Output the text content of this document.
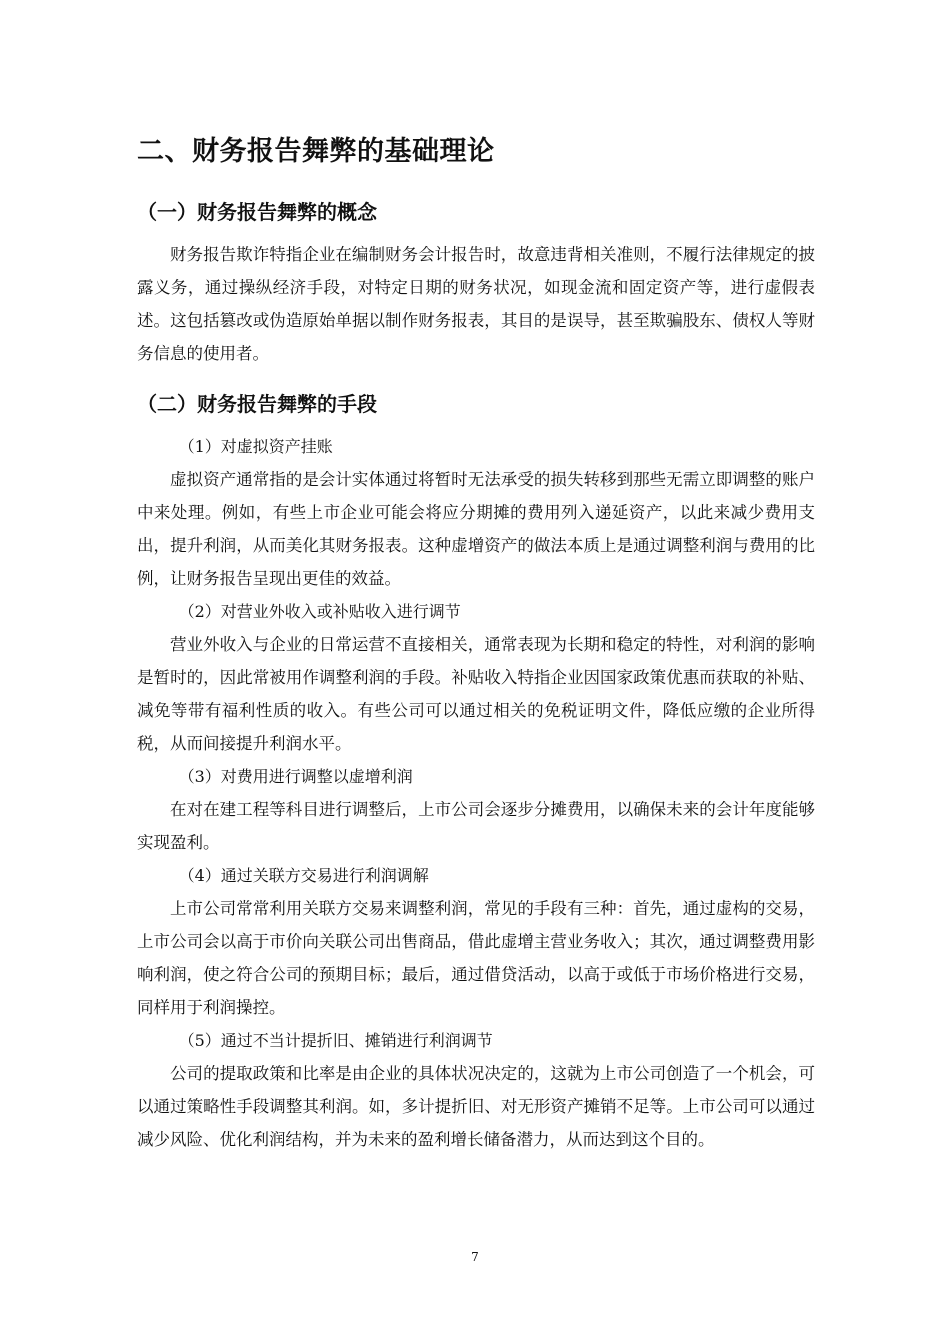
二、财务报告舞弊的基础理论
（一）财务报告舞弊的概念

财务报告欺诈特指企业在编制财务会计报告时，故意违背相关准则，不履行法律规定的披露义务，通过操纵经济手段，对特定日期的财务状况，如现金流和固定资产等，进行虚假表述。这包括篡改或伪造原始单据以制作财务报表，其目的是误导，甚至欺骗股东、债权人等财务信息的使用者。

（二）财务报告舞弊的手段

（1）对虚拟资产挂账

虚拟资产通常指的是会计实体通过将暂时无法承受的损失转移到那些无需立即调整的账户中来处理。例如，有些上市企业可能会将应分期摊的费用列入递延资产，以此来减少费用支出，提升利润，从而美化其财务报表。这种虚增资产的做法本质上是通过调整利润与费用的比例，让财务报告呈现出更佳的效益。

（2）对营业外收入或补贴收入进行调节

营业外收入与企业的日常运营不直接相关，通常表现为长期和稳定的特性，对利润的影响是暂时的，因此常被用作调整利润的手段。补贴收入特指企业因国家政策优惠而获取的补贴、减免等带有福利性质的收入。有些公司可以通过相关的免税证明文件，降低应缴的企业所得税，从而间接提升利润水平。

（3）对费用进行调整以虚增利润

在对在建工程等科目进行调整后，上市公司会逐步分摊费用，以确保未来的会计年度能够实现盈利。

（4）通过关联方交易进行利润调解

上市公司常常利用关联方交易来调整利润，常见的手段有三种：首先，通过虚构的交易，上市公司会以高于市价向关联公司出售商品，借此虚增主营业务收入；其次，通过调整费用影响利润，使之符合公司的预期目标；最后，通过借贷活动，以高于或低于市场价格进行交易，同样用于利润操控。

（5）通过不当计提折旧、摊销进行利润调节

公司的提取政策和比率是由企业的具体状况决定的，这就为上市公司创造了一个机会，可以通过策略性手段调整其利润。如，多计提折旧、对无形资产摊销不足等。上市公司可以通过减少风险、优化利润结构，并为未来的盈利增长储备潜力，从而达到这个目的。

7
